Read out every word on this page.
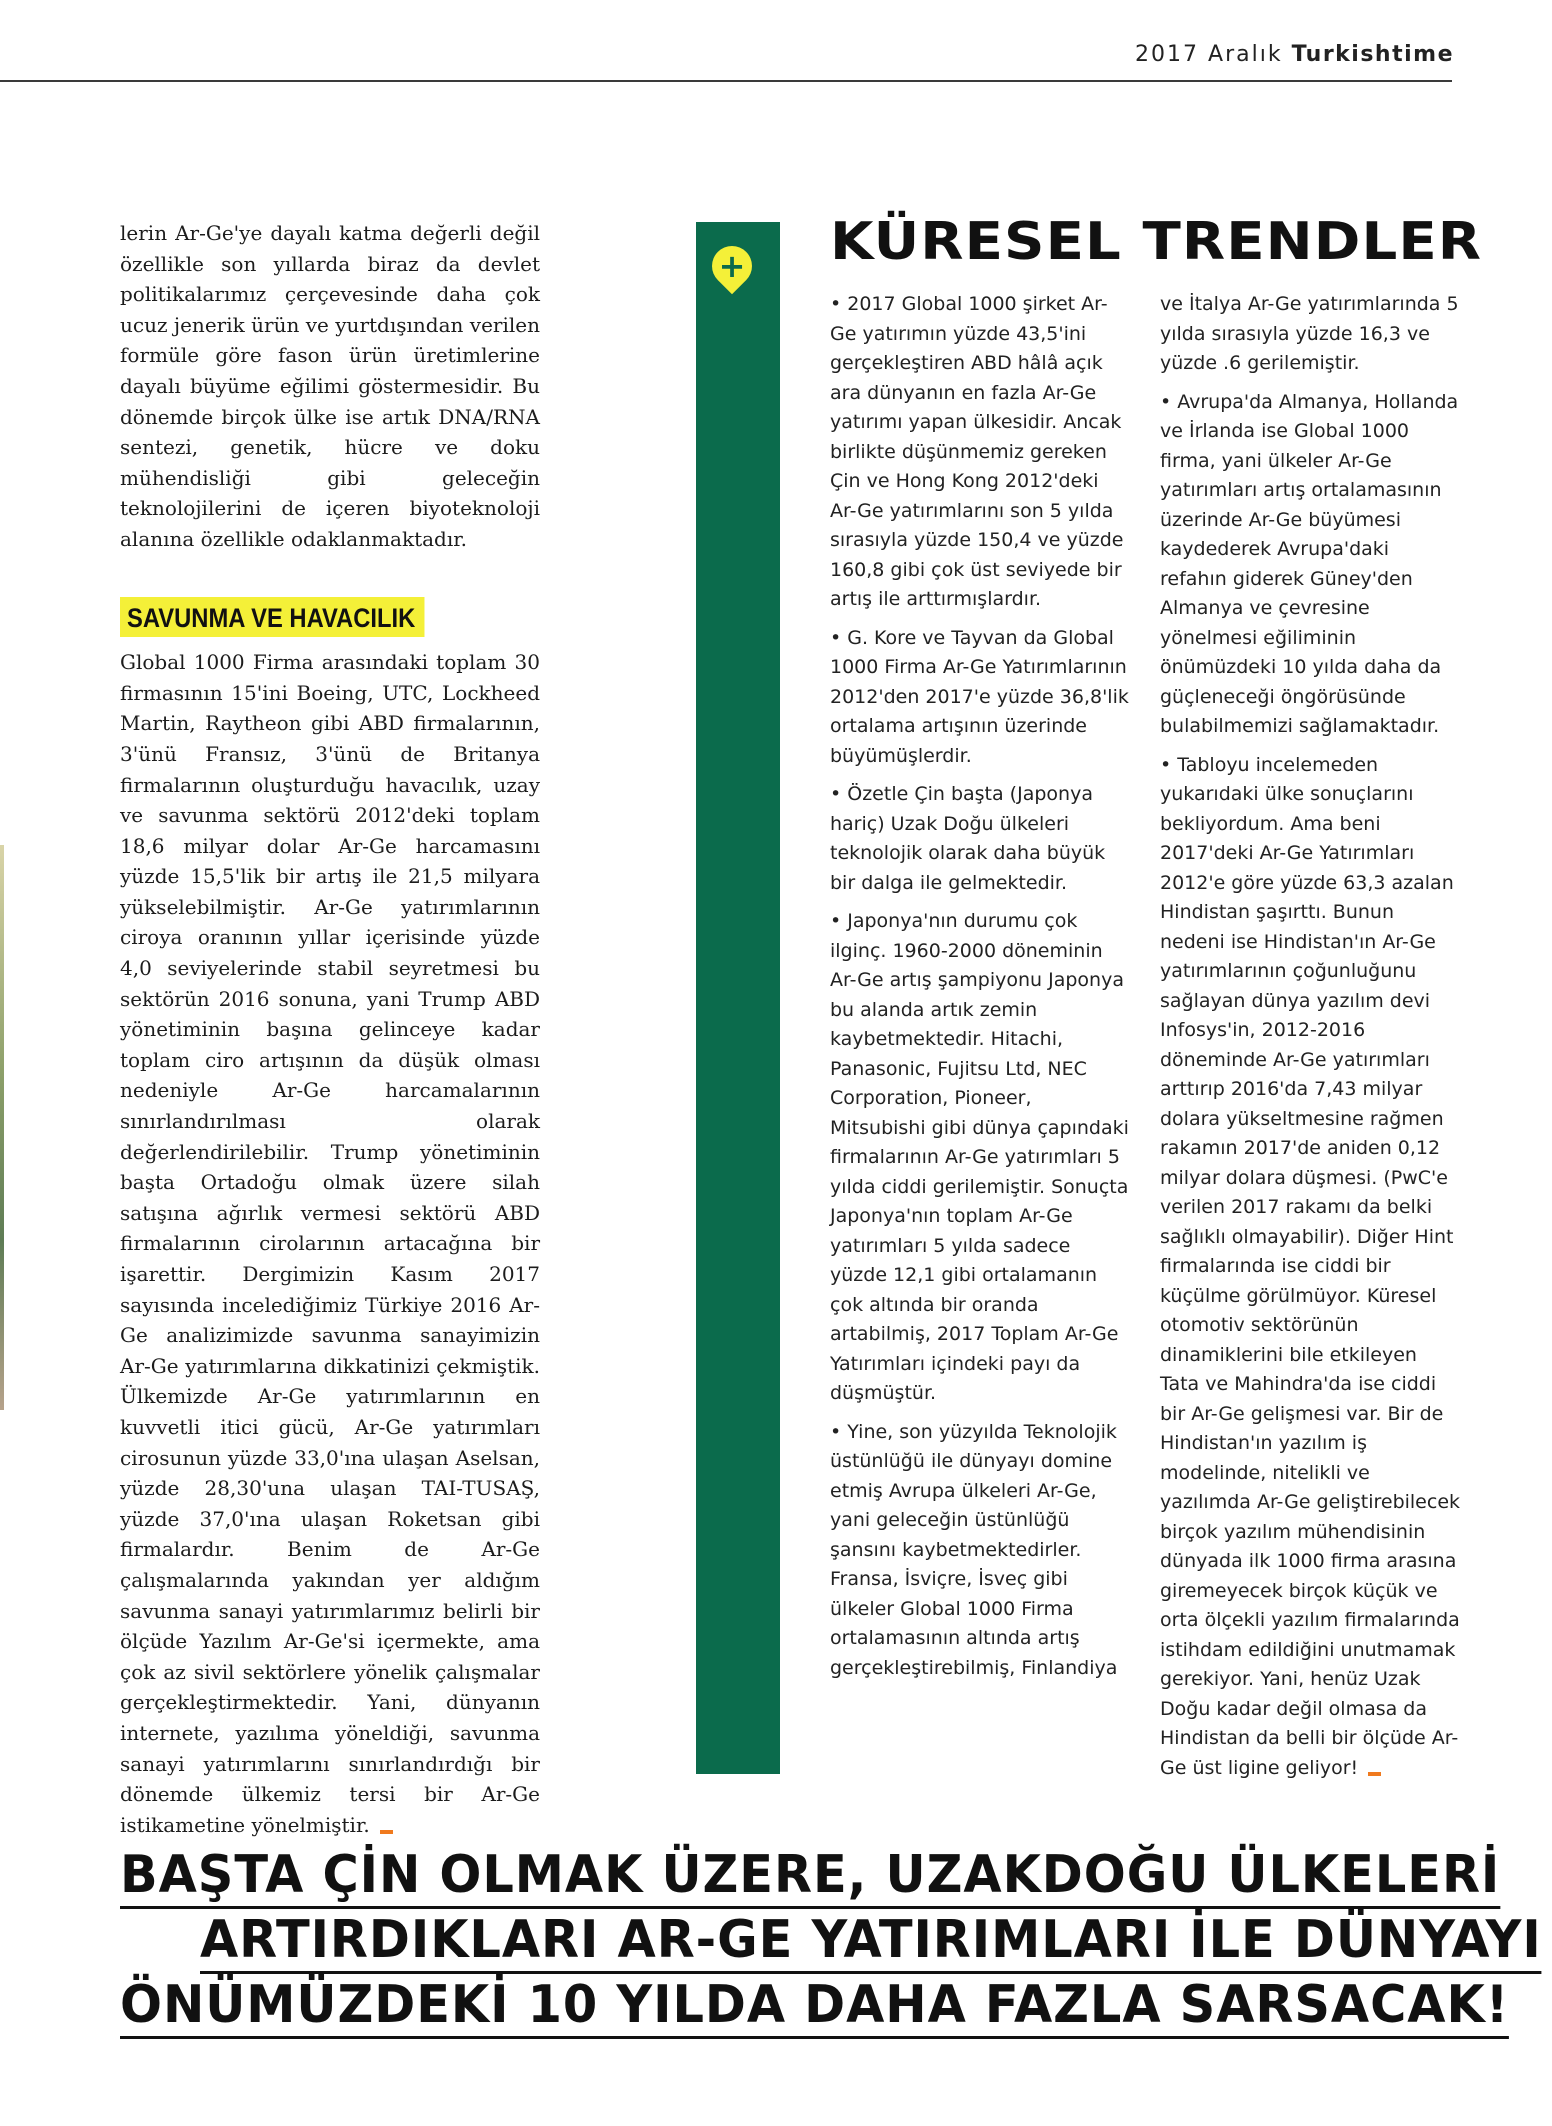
2017 Aralık Turkishtime

lerin Ar-Ge'ye dayalı katma değerli değil özellikle son yıllarda biraz da devlet politikalarımız çerçevesinde daha çok ucuz jenerik ürün ve yurtdışından verilen formüle göre fason ürün üretimlerine dayalı büyüme eğilimi göstermesidir. Bu dönemde birçok ülke ise artık DNA/RNA sentezi, genetik, hücre ve doku mühendisliği gibi geleceğin teknolojilerini de içeren biyoteknoloji alanına özellikle odaklanmaktadır.

SAVUNMA VE HAVACILIK

Global 1000 Firma arasındaki toplam 30 firmasının 15'ini Boeing, UTC, Lockheed Martin, Raytheon gibi ABD firmalarının, 3'ünü Fransız, 3'ünü de Britanya firmalarının oluşturduğu havacılık, uzay ve savunma sektörü 2012'deki toplam 18,6 milyar dolar Ar-Ge harcamasını yüzde 15,5'lik bir artış ile 21,5 milyara yükselebilmiştir. Ar-Ge yatırımlarının ciroya oranının yıllar içerisinde yüzde 4,0 seviyelerinde stabil seyretmesi bu sektörün 2016 sonuna, yani Trump ABD yönetiminin başına gelinceye kadar toplam ciro artışının da düşük olması nedeniyle Ar-Ge harcamalarının sınırlandırılması olarak değerlendirilebilir. Trump yönetiminin başta Ortadoğu olmak üzere silah satışına ağırlık vermesi sektörü ABD firmalarının cirolarının artacağına bir işarettir. Dergimizin Kasım 2017 sayısında incelediğimiz Türkiye 2016 Ar-Ge analizimizde savunma sanayimizin Ar-Ge yatırımlarına dikkatinizi çekmiştik. Ülkemizde Ar-Ge yatırımlarının en kuvvetli itici gücü, Ar-Ge yatırımları cirosunun yüzde 33,0'ına ulaşan Aselsan, yüzde 28,30'una ulaşan TAI-TUSAŞ, yüzde 37,0'ına ulaşan Roketsan gibi firmalardır. Benim de Ar-Ge çalışmalarında yakından yer aldığım savunma sanayi yatırımlarımız belirli bir ölçüde Yazılım Ar-Ge'si içermekte, ama çok az sivil sektörlere yönelik çalışmalar gerçekleştirmektedir. Yani, dünyanın internete, yazılıma yöneldiği, savunma sanayi yatırımlarını sınırlandırdığı bir dönemde ülkemiz tersi bir Ar-Ge istikametine yönelmiştir.

+ KÜRESEL TRENDLER

• 2017 Global 1000 şirket Ar-Ge yatırımın yüzde 43,5'ini gerçekleştiren ABD hâlâ açık ara dünyanın en fazla Ar-Ge yatırımı yapan ülkesidir. Ancak birlikte düşünmemiz gereken Çin ve Hong Kong 2012'deki Ar-Ge yatırımlarını son 5 yılda sırasıyla yüzde 150,4 ve yüzde 160,8 gibi çok üst seviyede bir artış ile arttırmışlardır.

• G. Kore ve Tayvan da Global 1000 Firma Ar-Ge Yatırımlarının 2012'den 2017'e yüzde 36,8'lik ortalama artışının üzerinde büyümüşlerdir.

• Özetle Çin başta (Japonya hariç) Uzak Doğu ülkeleri teknolojik olarak daha büyük bir dalga ile gelmektedir.

• Japonya'nın durumu çok ilginç. 1960-2000 döneminin Ar-Ge artış şampiyonu Japonya bu alanda artık zemin kaybetmektedir. Hitachi, Panasonic, Fujitsu Ltd, NEC Corporation, Pioneer, Mitsubishi gibi dünya çapındaki firmalarının Ar-Ge yatırımları 5 yılda ciddi gerilemiştir. Sonuçta Japonya'nın toplam Ar-Ge yatırımları 5 yılda sadece yüzde 12,1 gibi ortalamanın çok altında bir oranda artabilmiş, 2017 Toplam Ar-Ge Yatırımları içindeki payı da düşmüştür.

• Yine, son yüzyılda Teknolojik üstünlüğü ile dünyayı domine etmiş Avrupa ülkeleri Ar-Ge, yani geleceğin üstünlüğü şansını kaybetmektedirler. Fransa, İsviçre, İsveç gibi ülkeler Global 1000 Firma ortalamasının altında artış gerçekleştirebilmiş, Finlandiya

ve İtalya Ar-Ge yatırımlarında 5 yılda sırasıyla yüzde 16,3 ve yüzde .6 gerilemiştir.

• Avrupa'da Almanya, Hollanda ve İrlanda ise Global 1000 firma, yani ülkeler Ar-Ge yatırımları artış ortalamasının üzerinde Ar-Ge büyümesi kaydederek Avrupa'daki refahın giderek Güney'den Almanya ve çevresine yönelmesi eğiliminin önümüzdeki 10 yılda daha da güçleneceği öngörüsünde bulabilmemizi sağlamaktadır.

• Tabloyu incelemeden yukarıdaki ülke sonuçlarını bekliyordum. Ama beni 2017'deki Ar-Ge Yatırımları 2012'e göre yüzde 63,3 azalan Hindistan şaşırttı. Bunun nedeni ise Hindistan'ın Ar-Ge yatırımlarının çoğunluğunu sağlayan dünya yazılım devi Infosys'in, 2012-2016 döneminde Ar-Ge yatırımları arttırıp 2016'da 7,43 milyar dolara yükseltmesine rağmen rakamın 2017'de aniden 0,12 milyar dolara düşmesi. (PwC'e verilen 2017 rakamı da belki sağlıklı olmayabilir). Diğer Hint firmalarında ise ciddi bir küçülme görülmüyor. Küresel otomotiv sektörünün dinamiklerini bile etkileyen Tata ve Mahindra'da ise ciddi bir Ar-Ge gelişmesi var. Bir de Hindistan'ın yazılım iş modelinde, nitelikli ve yazılımda Ar-Ge geliştirebilecek birçok yazılım mühendisinin dünyada ilk 1000 firma arasına giremeyecek birçok küçük ve orta ölçekli yazılım firmalarında istihdam edildiğini unutmamak gerekiyor. Yani, henüz Uzak Doğu kadar değil olmasa da Hindistan da belli bir ölçüde Ar-Ge üst ligine geliyor!

BAŞTA ÇİN OLMAK ÜZERE, UZAKDOĞU ÜLKELERİ
ARTIRDIKLARI AR-GE YATIRIMLARI İLE DÜNYAYI
ÖNÜMÜZDEKİ 10 YILDA DAHA FAZLA SARSACAK!
